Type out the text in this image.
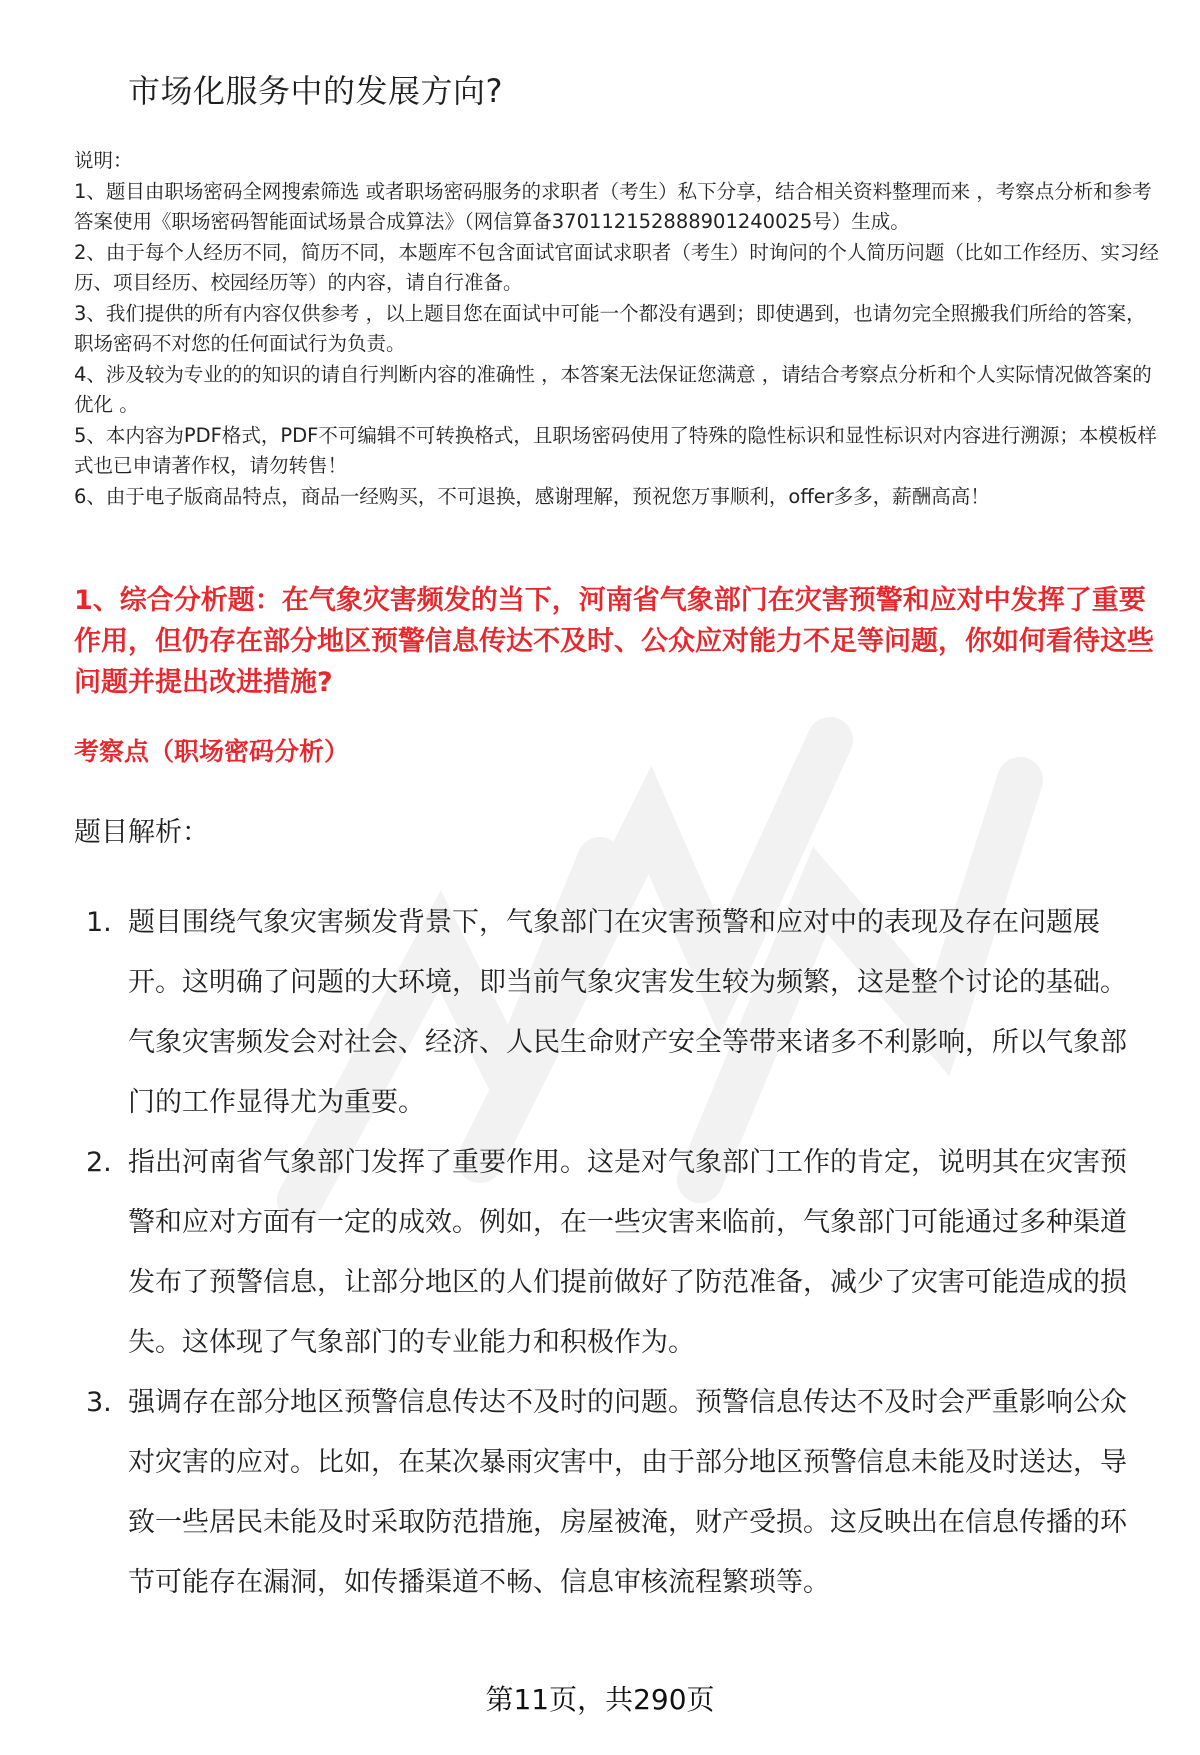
市场化服务中的发展方向?

说明：

1、题目由职场密码全网搜索筛选 或者职场密码服务的求职者（考生）私下分享，结合相关资料整理而来 ，考察点分析和参考答案使用《职场密码智能面试场景合成算法》（网信算备370112152888901240025号）生成。

2、由于每个人经历不同，简历不同，本题库不包含面试官面试求职者（考生）时询问的个人简历问题（比如工作经历、实习经历、项目经历、校园经历等）的内容，请自行准备。

3、我们提供的所有内容仅供参考 ，以上题目您在面试中可能一个都没有遇到；即使遇到，也请勿完全照搬我们所给的答案，职场密码不对您的任何面试行为负责。

4、涉及较为专业的的知识的请自行判断内容的准确性 ，本答案无法保证您满意 ，请结合考察点分析和个人实际情况做答案的优化 。

5、本内容为PDF格式，PDF不可编辑不可转换格式，且职场密码使用了特殊的隐性标识和显性标识对内容进行溯源；本模板样式也已申请著作权，请勿转售！

6、由于电子版商品特点，商品一经购买，不可退换，感谢理解，预祝您万事顺利，offer多多，薪酬高高！

1、综合分析题：在气象灾害频发的当下，河南省气象部门在灾害预警和应对中发挥了重要作用，但仍存在部分地区预警信息传达不及时、公众应对能力不足等问题，你如何看待这些问题并提出改进措施?
考察点（职场密码分析）
题目解析：
1. 题目围绕气象灾害频发背景下，气象部门在灾害预警和应对中的表现及存在问题展开。这明确了问题的大环境，即当前气象灾害发生较为频繁，这是整个讨论的基础。气象灾害频发会对社会、经济、人民生命财产安全等带来诸多不利影响，所以气象部门的工作显得尤为重要。
2. 指出河南省气象部门发挥了重要作用。这是对气象部门工作的肯定，说明其在灾害预警和应对方面有一定的成效。例如，在一些灾害来临前，气象部门可能通过多种渠道发布了预警信息，让部分地区的人们提前做好了防范准备，减少了灾害可能造成的损失。这体现了气象部门的专业能力和积极作为。
3. 强调存在部分地区预警信息传达不及时的问题。预警信息传达不及时会严重影响公众对灾害的应对。比如，在某次暴雨灾害中，由于部分地区预警信息未能及时送达，导致一些居民未能及时采取防范措施，房屋被淹，财产受损。这反映出在信息传播的环节可能存在漏洞，如传播渠道不畅、信息审核流程繁琐等。
第11页，共290页
